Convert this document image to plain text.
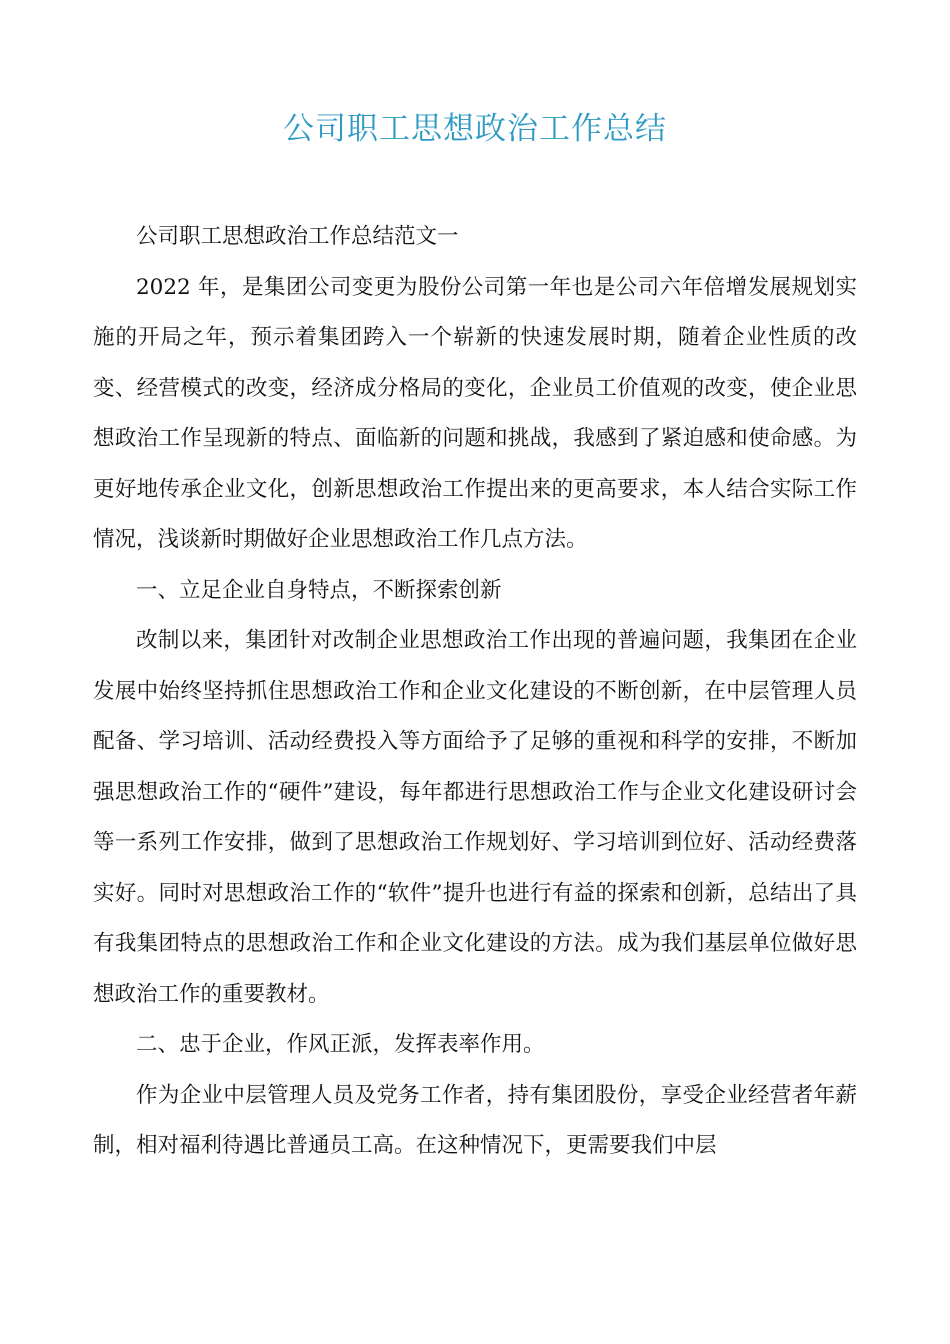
公司职工思想政治工作总结

公司职工思想政治工作总结范文一

2022 年，是集团公司变更为股份公司第一年也是公司六年倍增发展规划实施的开局之年，预示着集团跨入一个崭新的快速发展时期，随着企业性质的改变、经营模式的改变，经济成分格局的变化，企业员工价值观的改变，使企业思想政治工作呈现新的特点、面临新的问题和挑战，我感到了紧迫感和使命感。为更好地传承企业文化，创新思想政治工作提出来的更高要求，本人结合实际工作情况，浅谈新时期做好企业思想政治工作几点方法。

一、立足企业自身特点，不断探索创新

改制以来，集团针对改制企业思想政治工作出现的普遍问题，我集团在企业发展中始终坚持抓住思想政治工作和企业文化建设的不断创新，在中层管理人员配备、学习培训、活动经费投入等方面给予了足够的重视和科学的安排，不断加强思想政治工作的“硬件”建设，每年都进行思想政治工作与企业文化建设研讨会等一系列工作安排，做到了思想政治工作规划好、学习培训到位好、活动经费落实好。同时对思想政治工作的“软件”提升也进行有益的探索和创新，总结出了具有我集团特点的思想政治工作和企业文化建设的方法。成为我们基层单位做好思想政治工作的重要教材。

二、忠于企业，作风正派，发挥表率作用。

作为企业中层管理人员及党务工作者，持有集团股份，享受企业经营者年薪制，相对福利待遇比普通员工高。在这种情况下，更需要我们中层
